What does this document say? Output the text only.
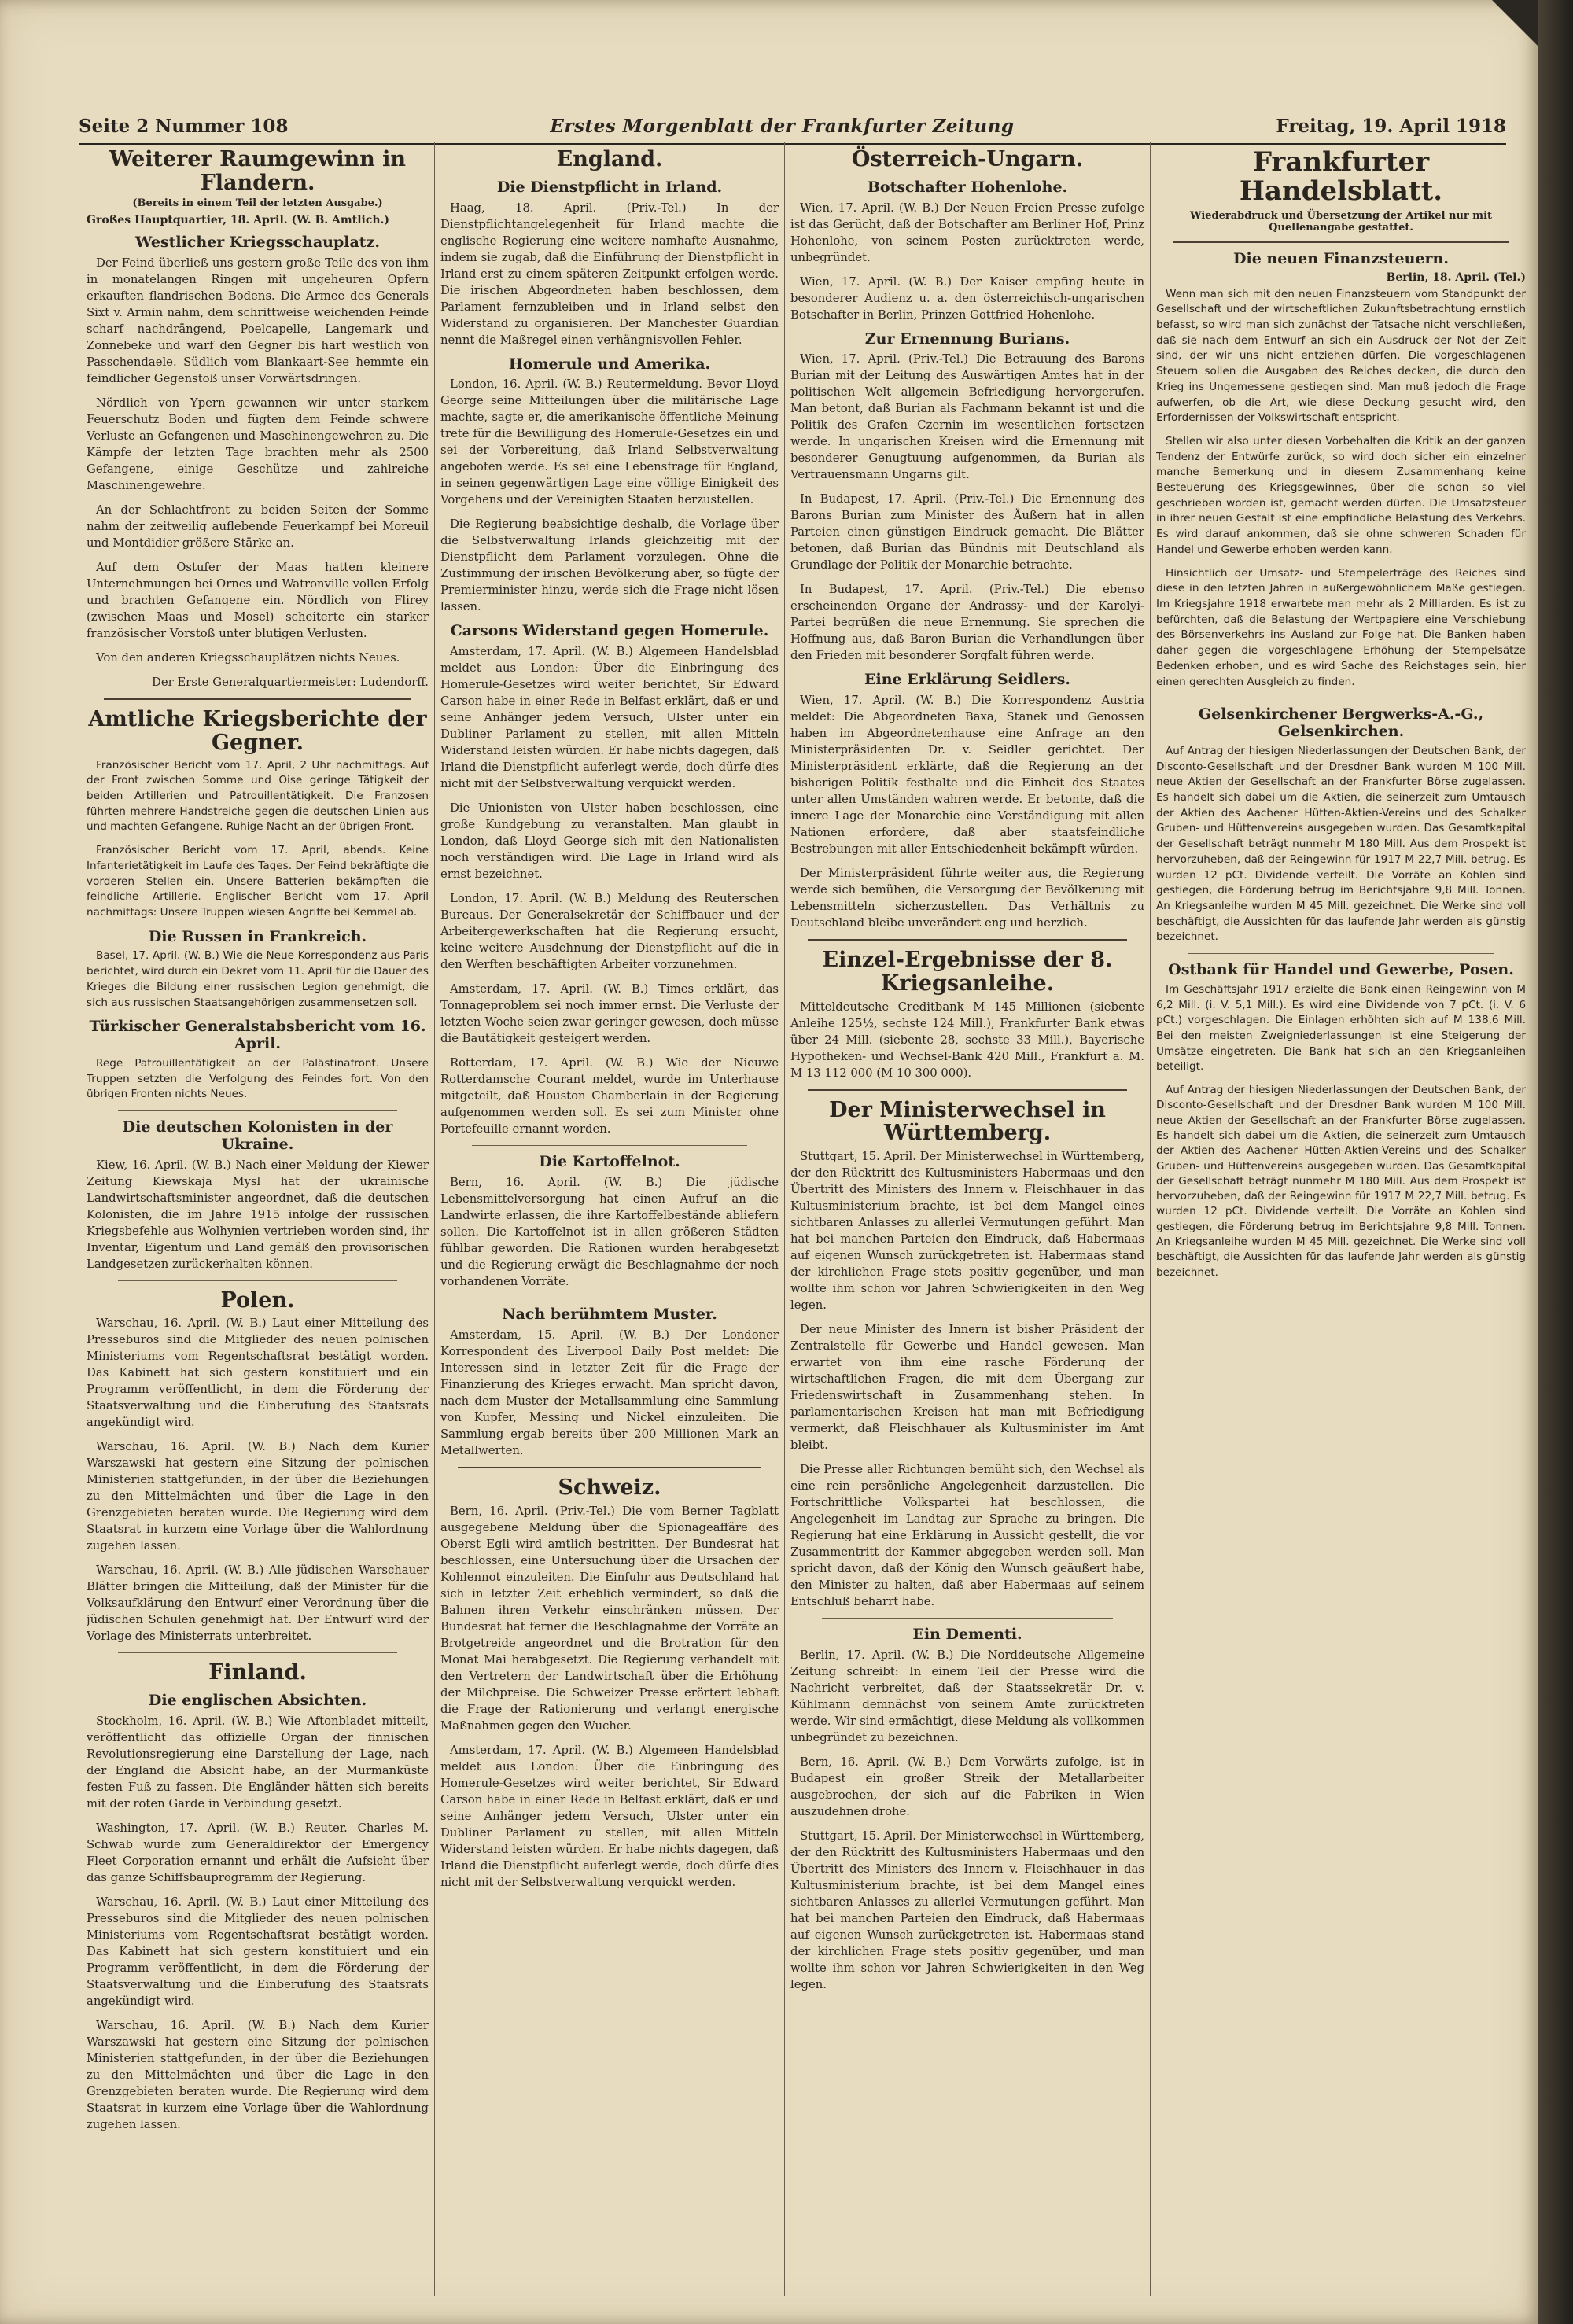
Seite 2 Nummer 108	Erstes Morgenblatt der Frankfurter Zeitung	Freitag, 19. April 1918
Weiterer Raumgewinn in Flandern.
(Bereits in einem Teil der letzten Ausgabe.)
Großes Hauptquartier, 18. April. (W. B. Amtlich.)
Westlicher Kriegsschauplatz.

Der Feind überließ uns gestern große Teile des von ihm in monatelangen Ringen mit ungeheuren Opfern erkauften flandrischen Bodens. Die Armee des Generals Sixt v. Armin nahm, dem schrittweise weichenden Feinde scharf nachdrängend, Poelcapelle, Langemark und Zonnebeke und warf den Gegner bis hart westlich von Passchendaele. Südlich vom Blankaart-See hemmte ein feindlicher Gegenstoß unser Vorwärtsdringen.

Nördlich von Ypern gewannen wir unter starkem Feuerschutz Boden und fügten dem Feinde schwere Verluste an Gefangenen und Maschinengewehren zu. Die Kämpfe der letzten Tage brachten mehr als 2500 Gefangene, einige Geschütze und zahlreiche Maschinengewehre.

An der Schlachtfront zu beiden Seiten der Somme nahm der zeitweilig auflebende Feuerkampf bei Moreuil und Montdidier größere Stärke an.

Auf dem Ostufer der Maas hatten kleinere Unternehmungen bei Ornes und Watronville vollen Erfolg und brachten Gefangene ein. Nördlich von Flirey (zwischen Maas und Mosel) scheiterte ein starker französischer Vorstoß unter blutigen Verlusten.

Von den anderen Kriegsschauplätzen nichts Neues.

Der Erste Generalquartiermeister: Ludendorff.

Amtliche Kriegsberichte der Gegner.

Französischer Bericht vom 17. April, 2 Uhr nachmittags. Auf der Front zwischen Somme und Oise geringe Tätigkeit der beiden Artillerien und Patrouillentätigkeit. Die Franzosen führten mehrere Handstreiche gegen die deutschen Linien aus und machten Gefangene. Ruhige Nacht an der übrigen Front.

Französischer Bericht vom 17. April, abends. Keine Infanterietätigkeit im Laufe des Tages. Der Feind bekräftigte die vorderen Stellen ein. Unsere Batterien bekämpften die feindliche Artillerie. Englischer Bericht vom 17. April nachmittags: Unsere Truppen wiesen Angriffe bei Kemmel ab.

Die Russen in Frankreich.

Basel, 17. April. (W. B.) Wie die Neue Korrespondenz aus Paris berichtet, wird durch ein Dekret vom 11. April für die Dauer des Krieges die Bildung einer russischen Legion genehmigt, die sich aus russischen Staatsangehörigen zusammensetzen soll.

Türkischer Generalstabsbericht vom 16. April.

Rege Patrouillentätigkeit an der Palästinafront. Unsere Truppen setzten die Verfolgung des Feindes fort. Von den übrigen Fronten nichts Neues.

Die deutschen Kolonisten in der Ukraine.

Kiew, 16. April. (W. B.) Nach einer Meldung der Kiewer Zeitung Kiewskaja Mysl hat der ukrainische Landwirtschaftsminister angeordnet, daß die deutschen Kolonisten, die im Jahre 1915 infolge der russischen Kriegsbefehle aus Wolhynien vertrieben worden sind, ihr Inventar, Eigentum und Land gemäß den provisorischen Landgesetzen zurückerhalten können.

Polen.

Warschau, 16. April. (W. B.) Laut einer Mitteilung des Presseburos sind die Mitglieder des neuen polnischen Ministeriums vom Regentschaftsrat bestätigt worden. Das Kabinett hat sich gestern konstituiert und ein Programm veröffentlicht, in dem die Förderung der Staatsverwaltung und die Einberufung des Staatsrats angekündigt wird.

Warschau, 16. April. (W. B.) Nach dem Kurier Warszawski hat gestern eine Sitzung der polnischen Ministerien stattgefunden, in der über die Beziehungen zu den Mittelmächten und über die Lage in den Grenzgebieten beraten wurde. Die Regierung wird dem Staatsrat in kurzem eine Vorlage über die Wahlordnung zugehen lassen.

Warschau, 16. April. (W. B.) Alle jüdischen Warschauer Blätter bringen die Mitteilung, daß der Minister für die Volksaufklärung den Entwurf einer Verordnung über die jüdischen Schulen genehmigt hat. Der Entwurf wird der Vorlage des Ministerrats unterbreitet.

Finland.
Die englischen Absichten.

Stockholm, 16. April. (W. B.) Wie Aftonbladet mitteilt, veröffentlicht das offizielle Organ der finnischen Revolutionsregierung eine Darstellung der Lage, nach der England die Absicht habe, an der Murmanküste festen Fuß zu fassen. Die Engländer hätten sich bereits mit der roten Garde in Verbindung gesetzt.

Washington, 17. April. (W. B.) Reuter. Charles M. Schwab wurde zum Generaldirektor der Emergency Fleet Corporation ernannt und erhält die Aufsicht über das ganze Schiffsbauprogramm der Regierung.

Warschau, 16. April. (W. B.) Laut einer Mitteilung des Presseburos sind die Mitglieder des neuen polnischen Ministeriums vom Regentschaftsrat bestätigt worden. Das Kabinett hat sich gestern konstituiert und ein Programm veröffentlicht, in dem die Förderung der Staatsverwaltung und die Einberufung des Staatsrats angekündigt wird.

Warschau, 16. April. (W. B.) Nach dem Kurier Warszawski hat gestern eine Sitzung der polnischen Ministerien stattgefunden, in der über die Beziehungen zu den Mittelmächten und über die Lage in den Grenzgebieten beraten wurde. Die Regierung wird dem Staatsrat in kurzem eine Vorlage über die Wahlordnung zugehen lassen.

England.
Die Dienstpflicht in Irland.

Haag, 18. April. (Priv.-Tel.) In der Dienstpflichtangelegenheit für Irland machte die englische Regierung eine weitere namhafte Ausnahme, indem sie zugab, daß die Einführung der Dienstpflicht in Irland erst zu einem späteren Zeitpunkt erfolgen werde. Die irischen Abgeordneten haben beschlossen, dem Parlament fernzubleiben und in Irland selbst den Widerstand zu organisieren. Der Manchester Guardian nennt die Maßregel einen verhängnisvollen Fehler.

Homerule und Amerika.

London, 16. April. (W. B.) Reutermeldung. Bevor Lloyd George seine Mitteilungen über die militärische Lage machte, sagte er, die amerikanische öffentliche Meinung trete für die Bewilligung des Homerule-Gesetzes ein und sei der Vorbereitung, daß Irland Selbstverwaltung angeboten werde. Es sei eine Lebensfrage für England, in seinen gegenwärtigen Lage eine völlige Einigkeit des Vorgehens und der Vereinigten Staaten herzustellen.

Die Regierung beabsichtige deshalb, die Vorlage über die Selbstverwaltung Irlands gleichzeitig mit der Dienstpflicht dem Parlament vorzulegen. Ohne die Zustimmung der irischen Bevölkerung aber, so fügte der Premierminister hinzu, werde sich die Frage nicht lösen lassen.

Carsons Widerstand gegen Homerule.

Amsterdam, 17. April. (W. B.) Algemeen Handelsblad meldet aus London: Über die Einbringung des Homerule-Gesetzes wird weiter berichtet, Sir Edward Carson habe in einer Rede in Belfast erklärt, daß er und seine Anhänger jedem Versuch, Ulster unter ein Dubliner Parlament zu stellen, mit allen Mitteln Widerstand leisten würden. Er habe nichts dagegen, daß Irland die Dienstpflicht auferlegt werde, doch dürfe dies nicht mit der Selbstverwaltung verquickt werden.

Die Unionisten von Ulster haben beschlossen, eine große Kundgebung zu veranstalten. Man glaubt in London, daß Lloyd George sich mit den Nationalisten noch verständigen wird. Die Lage in Irland wird als ernst bezeichnet.

London, 17. April. (W. B.) Meldung des Reuterschen Bureaus. Der Generalsekretär der Schiffbauer und der Arbeitergewerkschaften hat die Regierung ersucht, keine weitere Ausdehnung der Dienstpflicht auf die in den Werften beschäftigten Arbeiter vorzunehmen.

Amsterdam, 17. April. (W. B.) Times erklärt, das Tonnageproblem sei noch immer ernst. Die Verluste der letzten Woche seien zwar geringer gewesen, doch müsse die Bautätigkeit gesteigert werden.

Rotterdam, 17. April. (W. B.) Wie der Nieuwe Rotterdamsche Courant meldet, wurde im Unterhause mitgeteilt, daß Houston Chamberlain in der Regierung aufgenommen werden soll. Es sei zum Minister ohne Portefeuille ernannt worden.

Die Kartoffelnot.

Bern, 16. April. (W. B.) Die jüdische Lebensmittelversorgung hat einen Aufruf an die Landwirte erlassen, die ihre Kartoffelbestände abliefern sollen. Die Kartoffelnot ist in allen größeren Städten fühlbar geworden. Die Rationen wurden herabgesetzt und die Regierung erwägt die Beschlagnahme der noch vorhandenen Vorräte.

Nach berühmtem Muster.

Amsterdam, 15. April. (W. B.) Der Londoner Korrespondent des Liverpool Daily Post meldet: Die Interessen sind in letzter Zeit für die Frage der Finanzierung des Krieges erwacht. Man spricht davon, nach dem Muster der Metallsammlung eine Sammlung von Kupfer, Messing und Nickel einzuleiten. Die Sammlung ergab bereits über 200 Millionen Mark an Metallwerten.

Schweiz.

Bern, 16. April. (Priv.-Tel.) Die vom Berner Tagblatt ausgegebene Meldung über die Spionageaffäre des Oberst Egli wird amtlich bestritten. Der Bundesrat hat beschlossen, eine Untersuchung über die Ursachen der Kohlennot einzuleiten. Die Einfuhr aus Deutschland hat sich in letzter Zeit erheblich vermindert, so daß die Bahnen ihren Verkehr einschränken müssen. Der Bundesrat hat ferner die Beschlagnahme der Vorräte an Brotgetreide angeordnet und die Brotration für den Monat Mai herabgesetzt. Die Regierung verhandelt mit den Vertretern der Landwirtschaft über die Erhöhung der Milchpreise. Die Schweizer Presse erörtert lebhaft die Frage der Rationierung und verlangt energische Maßnahmen gegen den Wucher.

Amsterdam, 17. April. (W. B.) Algemeen Handelsblad meldet aus London: Über die Einbringung des Homerule-Gesetzes wird weiter berichtet, Sir Edward Carson habe in einer Rede in Belfast erklärt, daß er und seine Anhänger jedem Versuch, Ulster unter ein Dubliner Parlament zu stellen, mit allen Mitteln Widerstand leisten würden. Er habe nichts dagegen, daß Irland die Dienstpflicht auferlegt werde, doch dürfe dies nicht mit der Selbstverwaltung verquickt werden.

Österreich-Ungarn.
Botschafter Hohenlohe.

Wien, 17. April. (W. B.) Der Neuen Freien Presse zufolge ist das Gerücht, daß der Botschafter am Berliner Hof, Prinz Hohenlohe, von seinem Posten zurücktreten werde, unbegründet.

Wien, 17. April. (W. B.) Der Kaiser empfing heute in besonderer Audienz u. a. den österreichisch-ungarischen Botschafter in Berlin, Prinzen Gottfried Hohenlohe.

Zur Ernennung Burians.

Wien, 17. April. (Priv.-Tel.) Die Betrauung des Barons Burian mit der Leitung des Auswärtigen Amtes hat in der politischen Welt allgemein Befriedigung hervorgerufen. Man betont, daß Burian als Fachmann bekannt ist und die Politik des Grafen Czernin im wesentlichen fortsetzen werde. In ungarischen Kreisen wird die Ernennung mit besonderer Genugtuung aufgenommen, da Burian als Vertrauensmann Ungarns gilt.

In Budapest, 17. April. (Priv.-Tel.) Die Ernennung des Barons Burian zum Minister des Äußern hat in allen Parteien einen günstigen Eindruck gemacht. Die Blätter betonen, daß Burian das Bündnis mit Deutschland als Grundlage der Politik der Monarchie betrachte.

In Budapest, 17. April. (Priv.-Tel.) Die ebenso erscheinenden Organe der Andrassy- und der Karolyi-Partei begrüßen die neue Ernennung. Sie sprechen die Hoffnung aus, daß Baron Burian die Verhandlungen über den Frieden mit besonderer Sorgfalt führen werde.

Eine Erklärung Seidlers.

Wien, 17. April. (W. B.) Die Korrespondenz Austria meldet: Die Abgeordneten Baxa, Stanek und Genossen haben im Abgeordnetenhause eine Anfrage an den Ministerpräsidenten Dr. v. Seidler gerichtet. Der Ministerpräsident erklärte, daß die Regierung an der bisherigen Politik festhalte und die Einheit des Staates unter allen Umständen wahren werde. Er betonte, daß die innere Lage der Monarchie eine Verständigung mit allen Nationen erfordere, daß aber staatsfeindliche Bestrebungen mit aller Entschiedenheit bekämpft würden.

Der Ministerpräsident führte weiter aus, die Regierung werde sich bemühen, die Versorgung der Bevölkerung mit Lebensmitteln sicherzustellen. Das Verhältnis zu Deutschland bleibe unverändert eng und herzlich.

Einzel-Ergebnisse der 8. Kriegsanleihe.

Mitteldeutsche Creditbank M 145 Millionen (siebente Anleihe 125½, sechste 124 Mill.), Frankfurter Bank etwas über 24 Mill. (siebente 28, sechste 33 Mill.), Bayerische Hypotheken- und Wechsel-Bank 420 Mill., Frankfurt a. M. M 13 112 000 (M 10 300 000).

Der Ministerwechsel in Württemberg.

Stuttgart, 15. April. Der Ministerwechsel in Württemberg, der den Rücktritt des Kultusministers Habermaas und den Übertritt des Ministers des Innern v. Fleischhauer in das Kultusministerium brachte, ist bei dem Mangel eines sichtbaren Anlasses zu allerlei Vermutungen geführt. Man hat bei manchen Parteien den Eindruck, daß Habermaas auf eigenen Wunsch zurückgetreten ist. Habermaas stand der kirchlichen Frage stets positiv gegenüber, und man wollte ihm schon vor Jahren Schwierigkeiten in den Weg legen.

Der neue Minister des Innern ist bisher Präsident der Zentralstelle für Gewerbe und Handel gewesen. Man erwartet von ihm eine rasche Förderung der wirtschaftlichen Fragen, die mit dem Übergang zur Friedenswirtschaft in Zusammenhang stehen. In parlamentarischen Kreisen hat man mit Befriedigung vermerkt, daß Fleischhauer als Kultusminister im Amt bleibt.

Die Presse aller Richtungen bemüht sich, den Wechsel als eine rein persönliche Angelegenheit darzustellen. Die Fortschrittliche Volkspartei hat beschlossen, die Angelegenheit im Landtag zur Sprache zu bringen. Die Regierung hat eine Erklärung in Aussicht gestellt, die vor Zusammentritt der Kammer abgegeben werden soll. Man spricht davon, daß der König den Wunsch geäußert habe, den Minister zu halten, daß aber Habermaas auf seinem Entschluß beharrt habe.

Ein Dementi.

Berlin, 17. April. (W. B.) Die Norddeutsche Allgemeine Zeitung schreibt: In einem Teil der Presse wird die Nachricht verbreitet, daß der Staatssekretär Dr. v. Kühlmann demnächst von seinem Amte zurücktreten werde. Wir sind ermächtigt, diese Meldung als vollkommen unbegründet zu bezeichnen.

Bern, 16. April. (W. B.) Dem Vorwärts zufolge, ist in Budapest ein großer Streik der Metallarbeiter ausgebrochen, der sich auf die Fabriken in Wien auszudehnen drohe.

Stuttgart, 15. April. Der Ministerwechsel in Württemberg, der den Rücktritt des Kultusministers Habermaas und den Übertritt des Ministers des Innern v. Fleischhauer in das Kultusministerium brachte, ist bei dem Mangel eines sichtbaren Anlasses zu allerlei Vermutungen geführt. Man hat bei manchen Parteien den Eindruck, daß Habermaas auf eigenen Wunsch zurückgetreten ist. Habermaas stand der kirchlichen Frage stets positiv gegenüber, und man wollte ihm schon vor Jahren Schwierigkeiten in den Weg legen.

Frankfurter Handelsblatt.
Wiederabdruck und Übersetzung der Artikel nur mit Quellenangabe gestattet.
Die neuen Finanzsteuern.
Berlin, 18. April. (Tel.)

Wenn man sich mit den neuen Finanzsteuern vom Standpunkt der Gesellschaft und der wirtschaftlichen Zukunftsbetrachtung ernstlich befasst, so wird man sich zunächst der Tatsache nicht verschließen, daß sie nach dem Entwurf an sich ein Ausdruck der Not der Zeit sind, der wir uns nicht entziehen dürfen. Die vorgeschlagenen Steuern sollen die Ausgaben des Reiches decken, die durch den Krieg ins Ungemessene gestiegen sind. Man muß jedoch die Frage aufwerfen, ob die Art, wie diese Deckung gesucht wird, den Erfordernissen der Volkswirtschaft entspricht.

Stellen wir also unter diesen Vorbehalten die Kritik an der ganzen Tendenz der Entwürfe zurück, so wird doch sicher ein einzelner manche Bemerkung und in diesem Zusammenhang keine Besteuerung des Kriegsgewinnes, über die schon so viel geschrieben worden ist, gemacht werden dürfen. Die Umsatzsteuer in ihrer neuen Gestalt ist eine empfindliche Belastung des Verkehrs. Es wird darauf ankommen, daß sie ohne schweren Schaden für Handel und Gewerbe erhoben werden kann.

Hinsichtlich der Umsatz- und Stempelerträge des Reiches sind diese in den letzten Jahren in außergewöhnlichem Maße gestiegen. Im Kriegsjahre 1918 erwartete man mehr als 2 Milliarden. Es ist zu befürchten, daß die Belastung der Wertpapiere eine Verschiebung des Börsenverkehrs ins Ausland zur Folge hat. Die Banken haben daher gegen die vorgeschlagene Erhöhung der Stempelsätze Bedenken erhoben, und es wird Sache des Reichstages sein, hier einen gerechten Ausgleich zu finden.

Gelsenkirchener Bergwerks-A.-G., Gelsenkirchen.

Auf Antrag der hiesigen Niederlassungen der Deutschen Bank, der Disconto-Gesellschaft und der Dresdner Bank wurden M 100 Mill. neue Aktien der Gesellschaft an der Frankfurter Börse zugelassen. Es handelt sich dabei um die Aktien, die seinerzeit zum Umtausch der Aktien des Aachener Hütten-Aktien-Vereins und des Schalker Gruben- und Hüttenvereins ausgegeben wurden. Das Gesamtkapital der Gesellschaft beträgt nunmehr M 180 Mill. Aus dem Prospekt ist hervorzuheben, daß der Reingewinn für 1917 M 22,7 Mill. betrug. Es wurden 12 pCt. Dividende verteilt. Die Vorräte an Kohlen sind gestiegen, die Förderung betrug im Berichtsjahre 9,8 Mill. Tonnen. An Kriegsanleihe wurden M 45 Mill. gezeichnet. Die Werke sind voll beschäftigt, die Aussichten für das laufende Jahr werden als günstig bezeichnet.

Ostbank für Handel und Gewerbe, Posen.

Im Geschäftsjahr 1917 erzielte die Bank einen Reingewinn von M 6,2 Mill. (i. V. 5,1 Mill.). Es wird eine Dividende von 7 pCt. (i. V. 6 pCt.) vorgeschlagen. Die Einlagen erhöhten sich auf M 138,6 Mill. Bei den meisten Zweigniederlassungen ist eine Steigerung der Umsätze eingetreten. Die Bank hat sich an den Kriegsanleihen beteiligt.

Auf Antrag der hiesigen Niederlassungen der Deutschen Bank, der Disconto-Gesellschaft und der Dresdner Bank wurden M 100 Mill. neue Aktien der Gesellschaft an der Frankfurter Börse zugelassen. Es handelt sich dabei um die Aktien, die seinerzeit zum Umtausch der Aktien des Aachener Hütten-Aktien-Vereins und des Schalker Gruben- und Hüttenvereins ausgegeben wurden. Das Gesamtkapital der Gesellschaft beträgt nunmehr M 180 Mill. Aus dem Prospekt ist hervorzuheben, daß der Reingewinn für 1917 M 22,7 Mill. betrug. Es wurden 12 pCt. Dividende verteilt. Die Vorräte an Kohlen sind gestiegen, die Förderung betrug im Berichtsjahre 9,8 Mill. Tonnen. An Kriegsanleihe wurden M 45 Mill. gezeichnet. Die Werke sind voll beschäftigt, die Aussichten für das laufende Jahr werden als günstig bezeichnet.
